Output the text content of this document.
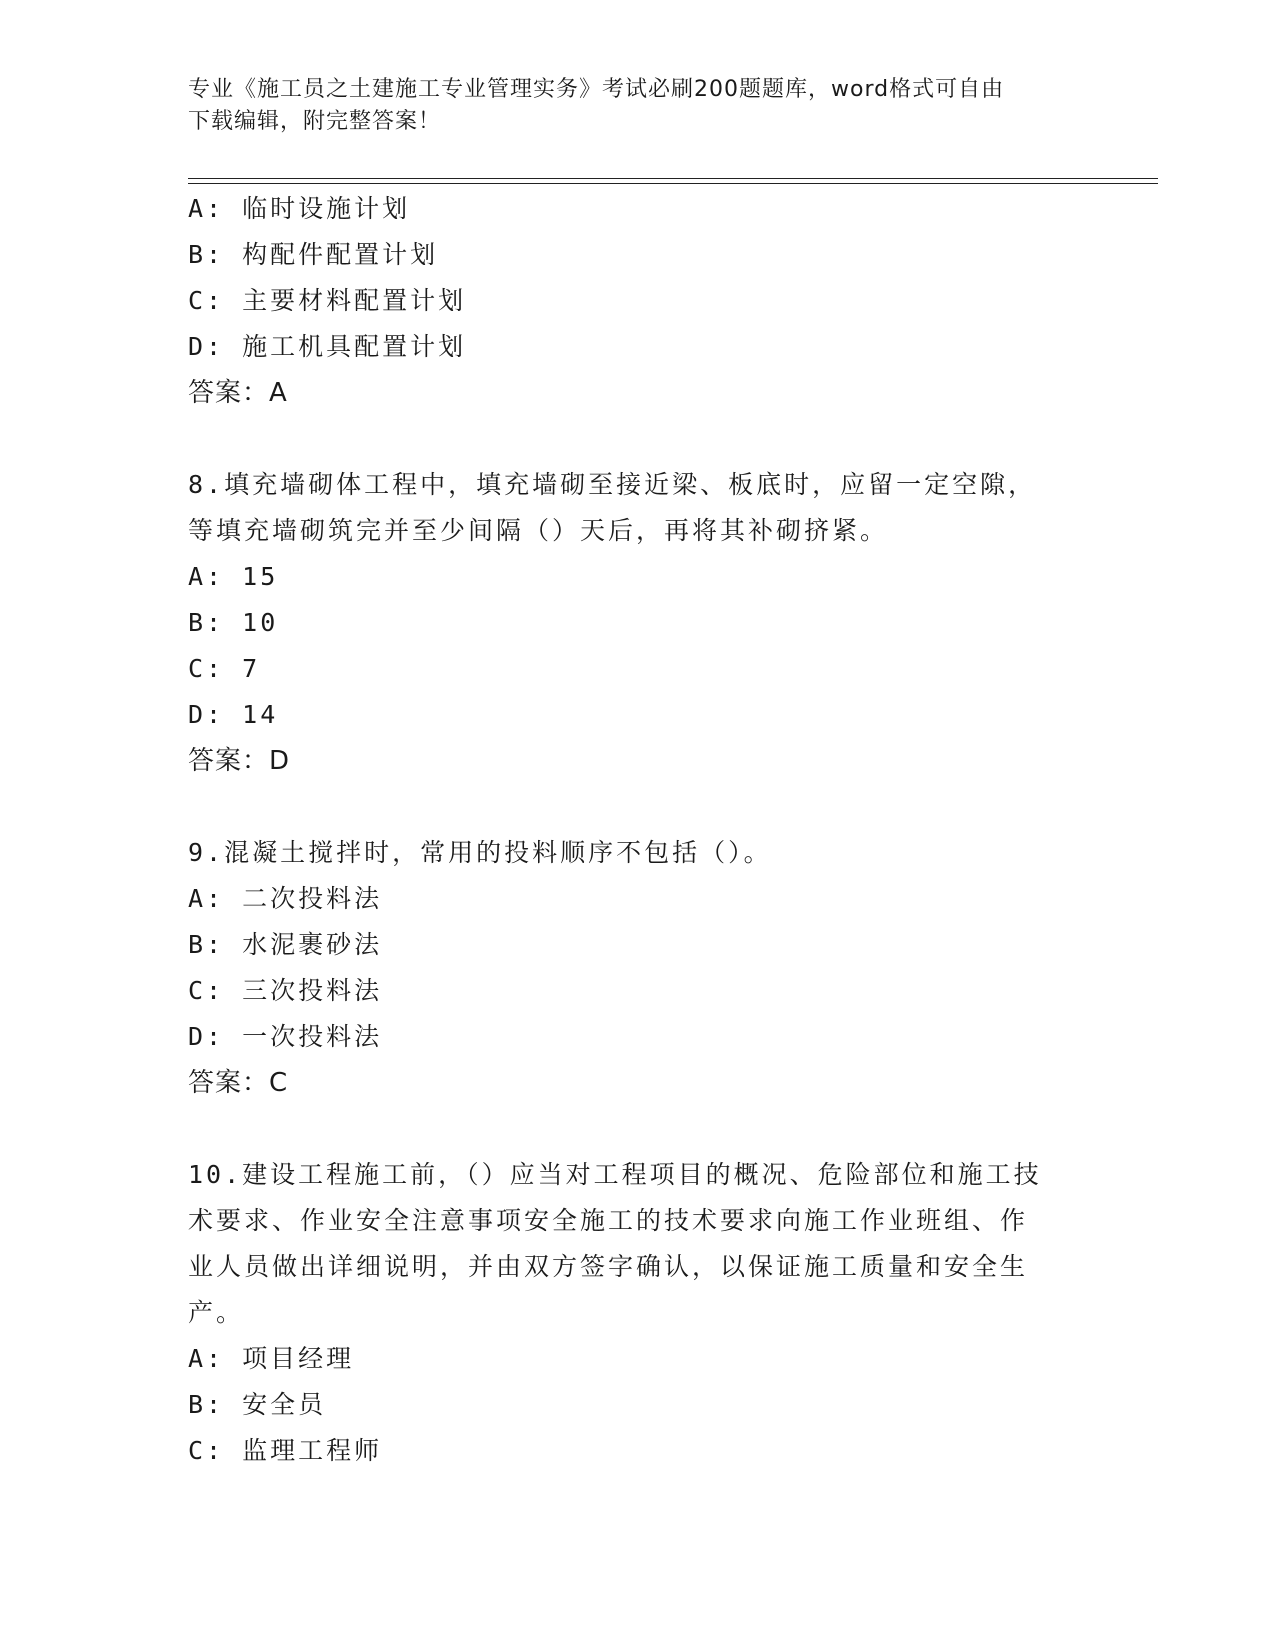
专业《施工员之土建施工专业管理实务》考试必刷200题题库，word格式可自由
下载编辑，附完整答案！
A: 临时设施计划
B: 构配件配置计划
C: 主要材料配置计划
D: 施工机具配置计划
答案：A
8.填充墙砌体工程中，填充墙砌至接近梁、板底时，应留一定空隙，
等填充墙砌筑完并至少间隔（）天后，再将其补砌挤紧。
A: 15
B: 10
C: 7
D: 14
答案：D
9.混凝土搅拌时，常用的投料顺序不包括（）。
A: 二次投料法
B: 水泥裹砂法
C: 三次投料法
D: 一次投料法
答案：C
10.建设工程施工前，（）应当对工程项目的概况、危险部位和施工技
术要求、作业安全注意事项安全施工的技术要求向施工作业班组、作
业人员做出详细说明，并由双方签字确认，以保证施工质量和安全生
产。
A: 项目经理
B: 安全员
C: 监理工程师
